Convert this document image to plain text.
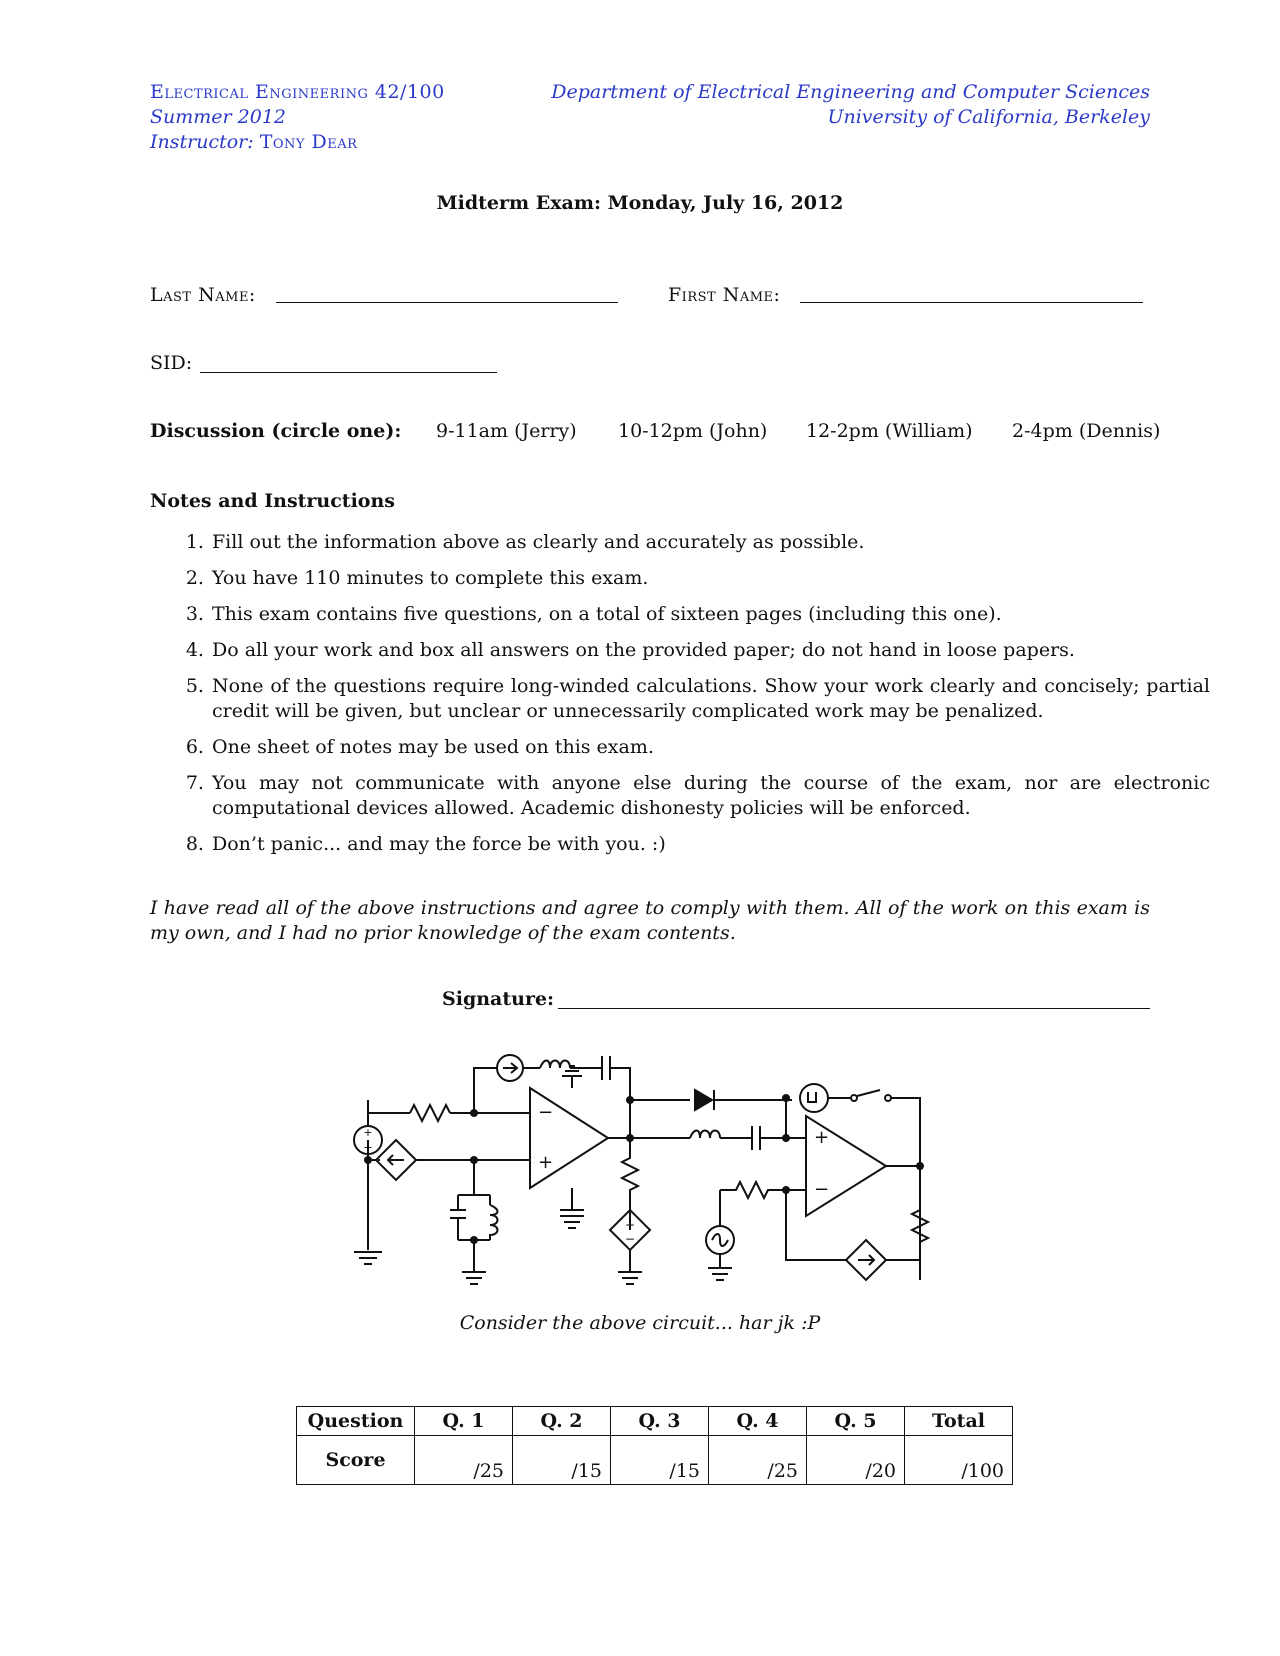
Electrical Engineering 42/100
Summer 2012
Instructor: Tony Dear
Department of Electrical Engineering and Computer Sciences
University of California, Berkeley
Midterm Exam: Monday, July 16, 2012
Last Name:	First Name:
SID:
Discussion (circle one): 9-11am (Jerry) 10-12pm (John) 12-2pm (William) 2-4pm (Dennis)
Notes and Instructions
1. Fill out the information above as clearly and accurately as possible.
2. You have 110 minutes to complete this exam.
3. This exam contains five questions, on a total of sixteen pages (including this one).
4. Do all your work and box all answers on the provided paper; do not hand in loose papers.
5. None of the questions require long-winded calculations. Show your work clearly and concisely; partial credit will be given, but unclear or unnecessarily complicated work may be penalized.
6. One sheet of notes may be used on this exam.
7. You may not communicate with anyone else during the course of the exam, nor are electronic computational devices allowed. Academic dishonesty policies will be enforced.
8. Don’t panic... and may the force be with you. :)
I have read all of the above instructions and agree to comply with them. All of the work on this exam is my own, and I had no prior knowledge of the exam contents.
Signature:
+
−
−
+
+
−
+
−
Consider the above circuit... har jk :P
Question	Q. 1	Q. 2	Q. 3	Q. 4	Q. 5	Total
Score	/25	/15	/15	/25	/20	/100
